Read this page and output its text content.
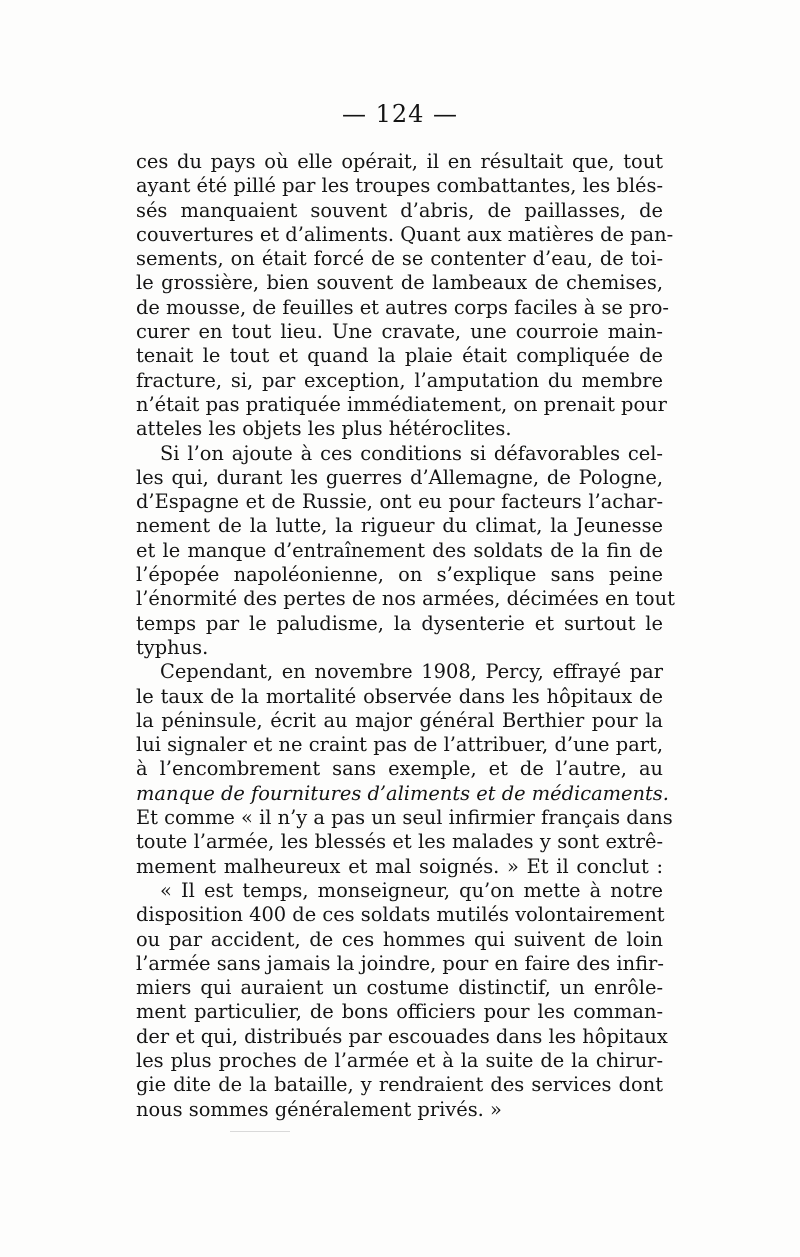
— 124 —
ces du pays où elle opérait, il en résultait que, tout
ayant été pillé par les troupes combattantes, les blés-
sés manquaient souvent d’abris, de paillasses, de
couvertures et d’aliments. Quant aux matières de pan-
sements, on était forcé de se contenter d’eau, de toi-
le grossière, bien souvent de lambeaux de chemises,
de mousse, de feuilles et autres corps faciles à se pro-
curer en tout lieu. Une cravate, une courroie main-
tenait le tout et quand la plaie était compliquée de
fracture, si, par exception, l’amputation du membre
n’était pas pratiquée immédiatement, on prenait pour
atteles les objets les plus hétéroclites.
Si l’on ajoute à ces conditions si défavorables cel-
les qui, durant les guerres d’Allemagne, de Pologne,
d’Espagne et de Russie, ont eu pour facteurs l’achar-
nement de la lutte, la rigueur du climat, la Jeunesse
et le manque d’entraînement des soldats de la fin de
l’épopée napoléonienne, on s’explique sans peine
l’énormité des pertes de nos armées, décimées en tout
temps par le paludisme, la dysenterie et surtout le
typhus.
Cependant, en novembre 1908, Percy, effrayé par
le taux de la mortalité observée dans les hôpitaux de
la péninsule, écrit au major général Berthier pour la
lui signaler et ne craint pas de l’attribuer, d’une part,
à l’encombrement sans exemple, et de l’autre, au
manque de fournitures d’aliments et de médicaments.
Et comme « il n’y a pas un seul infirmier français dans
toute l’armée, les blessés et les malades y sont extrê-
mement malheureux et mal soignés. » Et il conclut :
« Il est temps, monseigneur, qu’on mette à notre
disposition 400 de ces soldats mutilés volontairement
ou par accident, de ces hommes qui suivent de loin
l’armée sans jamais la joindre, pour en faire des infir-
miers qui auraient un costume distinctif, un enrôle-
ment particulier, de bons officiers pour les comman-
der et qui, distribués par escouades dans les hôpitaux
les plus proches de l’armée et à la suite de la chirur-
gie dite de la bataille, y rendraient des services dont
nous sommes généralement privés. »
